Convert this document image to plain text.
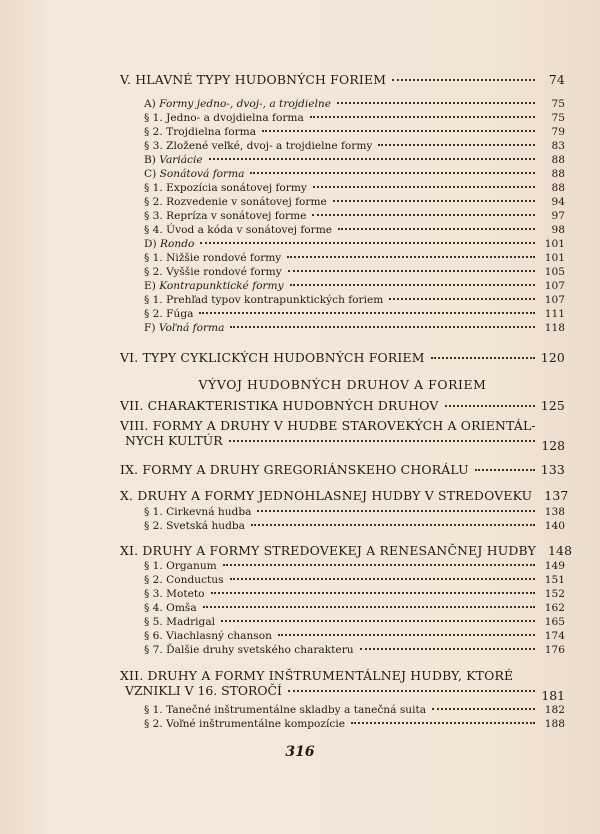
V. HLAVNÉ TYPY HUDOBNÝCH FORIEM	74
A) Formy jedno-, dvoj-, a trojdielne	75
§ 1. Jedno- a dvojdielna forma	75
§ 2. Trojdielna forma	79
§ 3. Zložené veľké, dvoj- a trojdielne formy	83
B) Variácie	88
C) Sonátová forma	88
§ 1. Expozícia sonátovej formy	88
§ 2. Rozvedenie v sonátovej forme	94
§ 3. Repríza v sonátovej forme	97
§ 4. Úvod a kóda v sonátovej forme	98
D) Rondo	101
§ 1. Nižšie rondové formy	101
§ 2. Vyššie rondové formy	105
E) Kontrapunktické formy	107
§ 1. Prehľad typov kontrapunktických foriem	107
§ 2. Fúga	111
F) Voľná forma	118
VI. TYPY CYKLICKÝCH HUDOBNÝCH FORIEM	120
VÝVOJ HUDOBNÝCH DRUHOV A FORIEM
VII. CHARAKTERISTIKA HUDOBNÝCH DRUHOV	125
VIII. FORMY A DRUHY V HUDBE STAROVEKÝCH A ORIENTÁL-
NYCH KULTÚR	128
IX. FORMY A DRUHY GREGORIÁNSKEHO CHORÁLU	133
X. DRUHY A FORMY JEDNOHLASNEJ HUDBY V STREDOVEKU 137
§ 1. Cirkevná hudba	138
§ 2. Svetská hudba	140
XI. DRUHY A FORMY STREDOVEKEJ A RENESANČNEJ HUDBY 148
§ 1. Organum	149
§ 2. Conductus	151
§ 3. Moteto	152
§ 4. Omša	162
§ 5. Madrigal	165
§ 6. Viachlasný chanson	174
§ 7. Ďalšie druhy svetského charakteru	176
XII. DRUHY A FORMY INŠTRUMENTÁLNEJ HUDBY, KTORÉ
VZNIKLI V 16. STOROČÍ	181
§ 1. Tanečné inštrumentálne skladby a tanečná suita	182
§ 2. Voľné inštrumentálne kompozície	188
316
